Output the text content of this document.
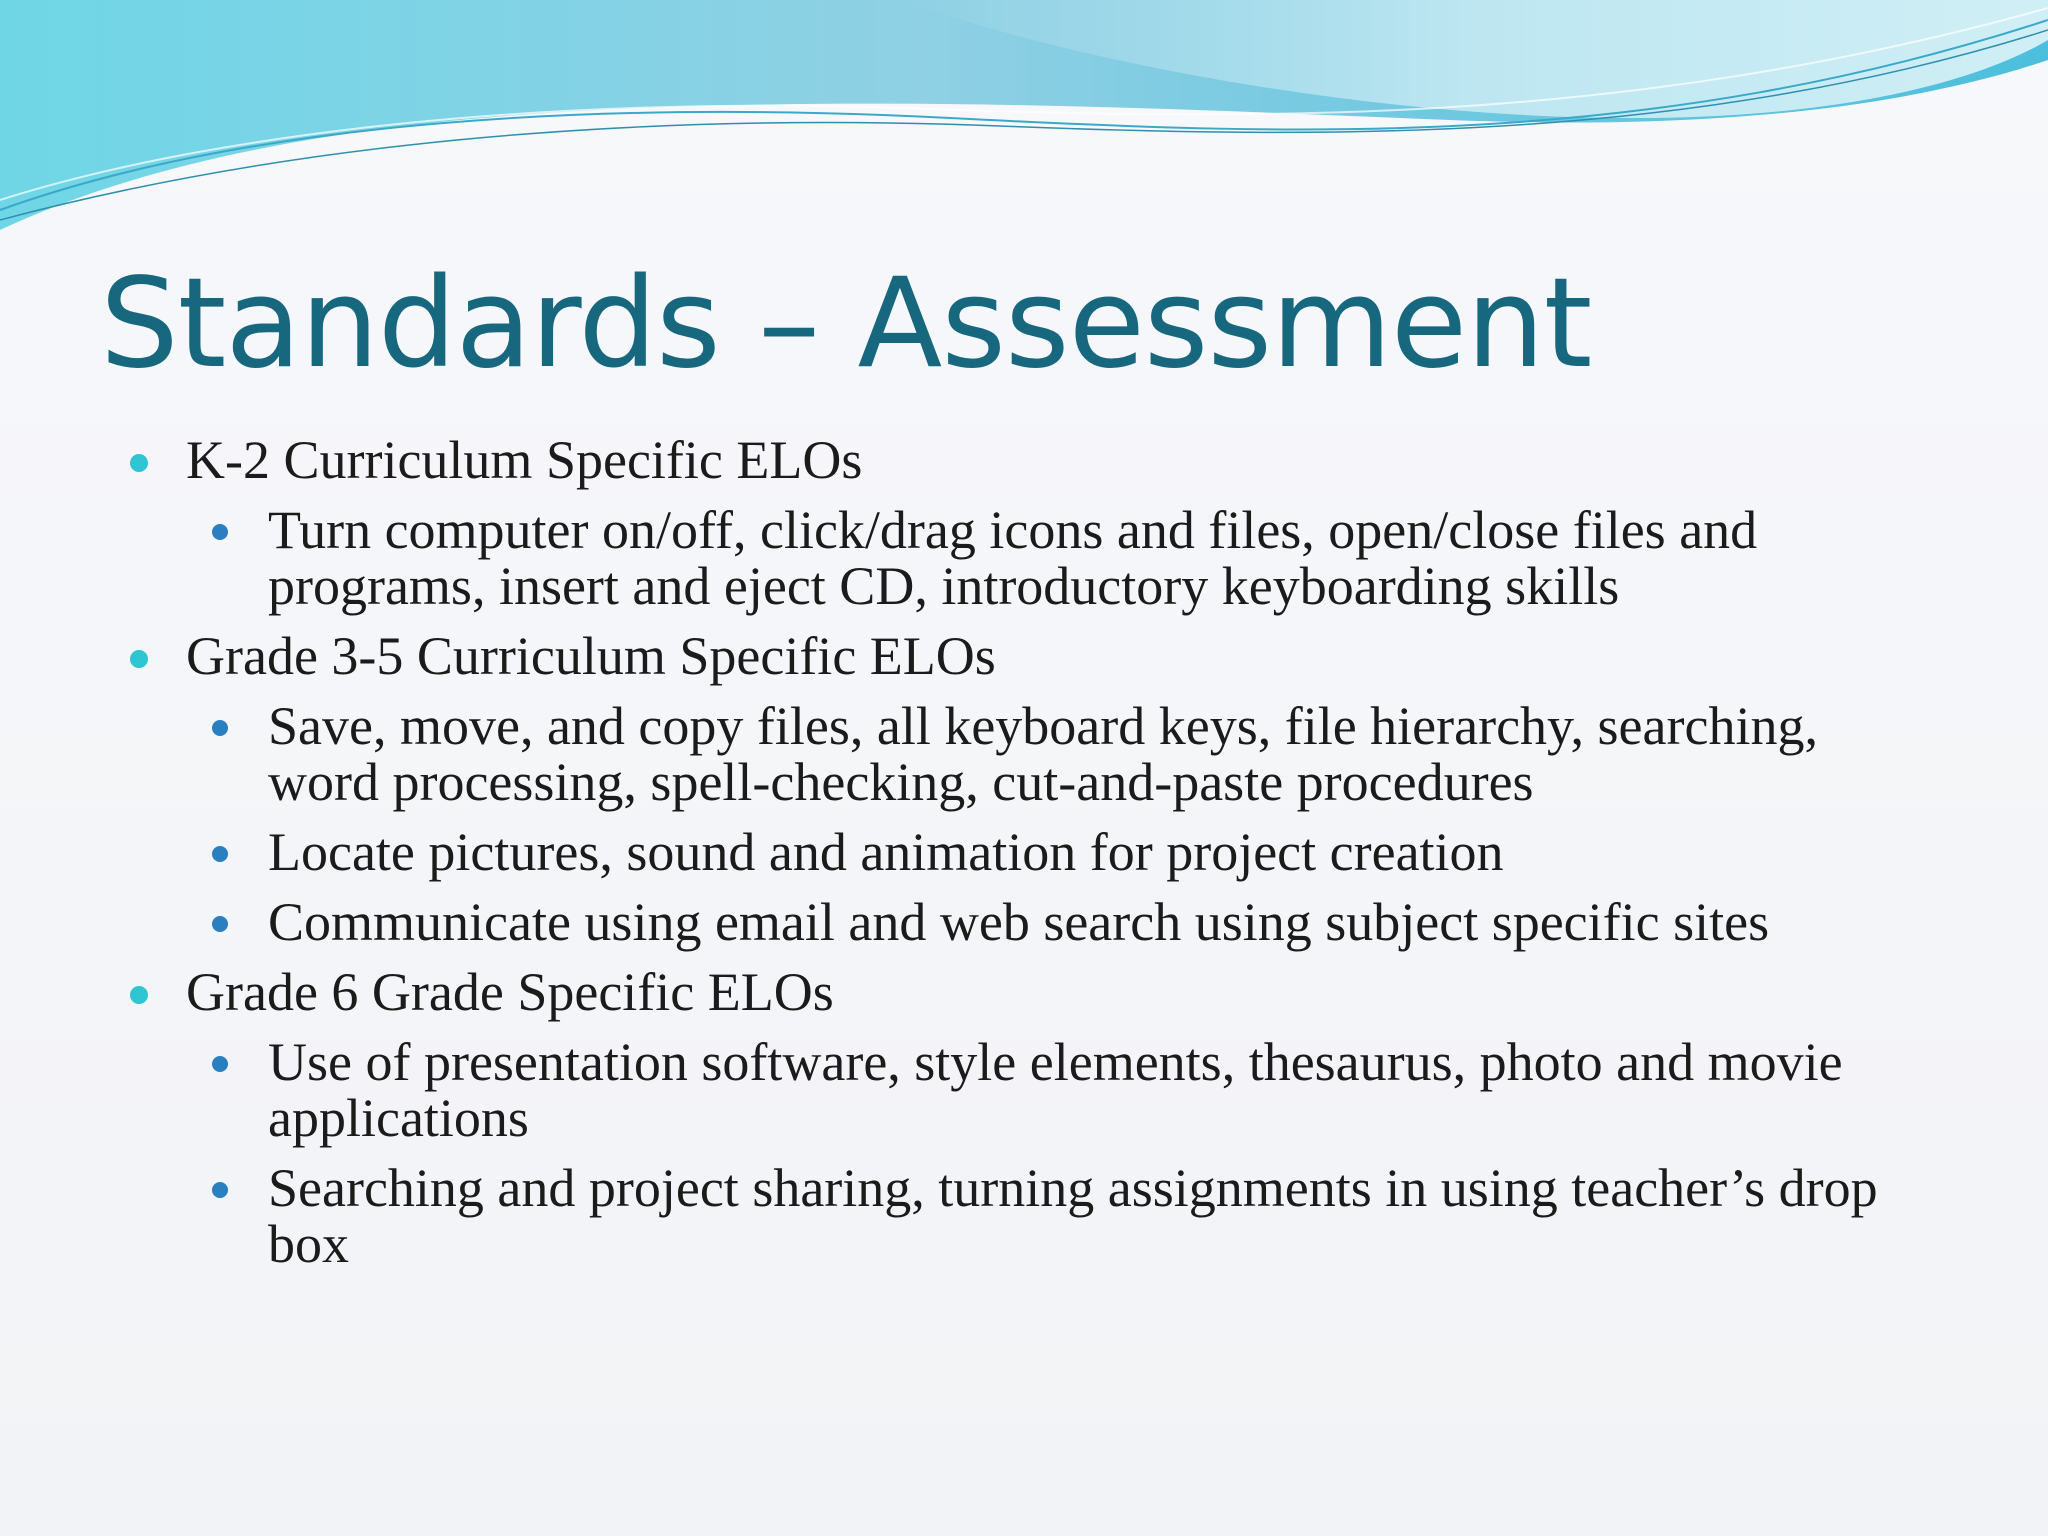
Standards – Assessment
K-2 Curriculum Specific ELOs
Turn computer on/off, click/drag icons and files, open/close files and programs, insert and eject CD, introductory keyboarding skills
Grade 3-5 Curriculum Specific ELOs
Save, move, and copy files, all keyboard keys, file hierarchy, searching, word processing, spell-checking, cut-and-paste procedures
Locate pictures, sound and animation for project creation
Communicate using email and web search using subject specific sites
Grade 6 Grade Specific ELOs
Use of presentation software, style elements, thesaurus, photo and movie applications
Searching and project sharing, turning assignments in using teacher’s drop box
